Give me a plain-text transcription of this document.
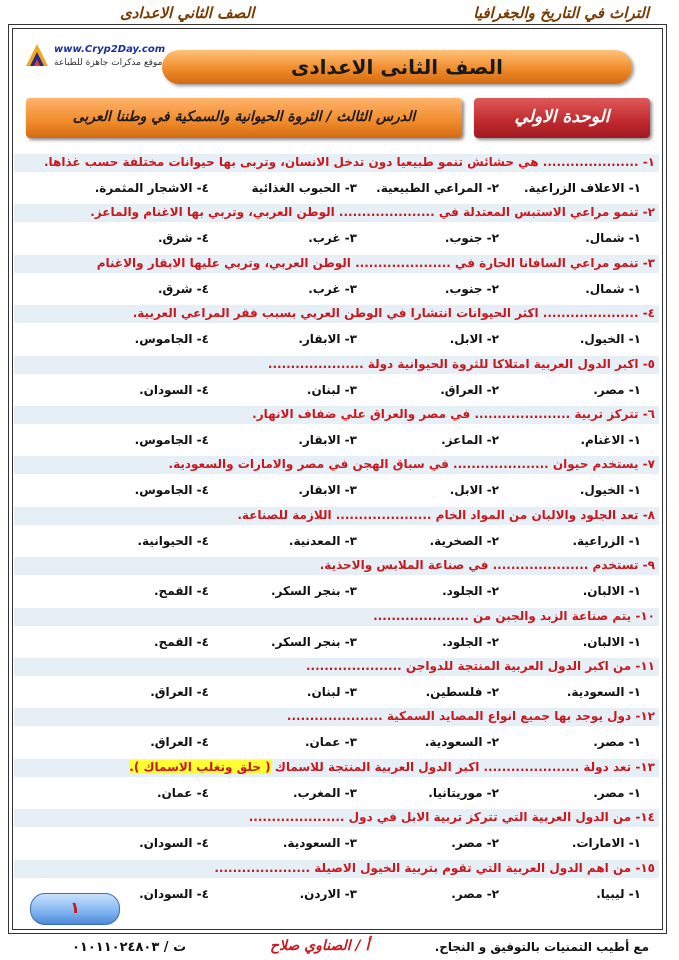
التراث في التاريخ والجغرافيا
الصف الثاني الاعدادى
www.Cryp2Day.com
موقع مذكرات جاهزة للطباعة	الصف الثانى الاعدادى
الوحدة الاولي
الدرس الثالث / الثروة الحيوانية والسمكية في وطننا العربى
١- ..................... هي حشائش تنمو طبيعيا دون تدخل الانسان، وتربى بها حيوانات مختلفة حسب غذاها.
١- الاعلاف الزراعية.
٢- المراعي الطبيعية.
٣- الحبوب الغذائية
٤- الاشجار المثمرة.
٢- تنمو مراعي الاستبس المعتدلة في ..................... الوطن العربي، وتربي بها الاغنام والماعز.
١- شمال.
٢- جنوب.
٣- غرب.
٤- شرق.
٣- تنمو مراعي السافانا الحارة في ..................... الوطن العربي، وتربي عليها الابقار والاغنام
١- شمال.
٢- جنوب.
٣- غرب.
٤- شرق.
٤- ..................... اكثر الحيوانات انتشارا في الوطن العربي بسبب فقر المراعي العربية.
١- الخيول.
٢- الابل.
٣- الابقار.
٤- الجاموس.
٥- اكبر الدول العربية امتلاكا للثروة الحيوانية دولة .....................
١- مصر.
٢- العراق.
٣- لبنان.
٤- السودان.
٦- تتركز تربية ..................... في مصر والعراق علي ضفاف الانهار.
١- الاغنام.
٢- الماعز.
٣- الابقار.
٤- الجاموس.
٧- يستخدم حيوان ..................... في سباق الهجن في مصر والامارات والسعودية.
١- الخيول.
٢- الابل.
٣- الابقار.
٤- الجاموس.
٨- تعد الجلود والالبان من المواد الخام ..................... اللازمة للصناعة.
١- الزراعية.
٢- الصخرية.
٣- المعدنية.
٤- الحيوانية.
٩- تستخدم ..................... في صناعة الملابس والاحذية.
١- الالبان.
٢- الجلود.
٣- بنجر السكر.
٤- القمح.
١٠- يتم صناعة الزبد والجبن من .....................
١- الالبان.
٢- الجلود.
٣- بنجر السكر.
٤- القمح.
١١- من اكبر الدول العربية المنتجة للدواجن .....................
١- السعودية.
٢- فلسطين.
٣- لبنان.
٤- العراق.
١٢- دول يوجد بها جميع انواع المصايد السمكية .....................
١- مصر.
٢- السعودية.
٣- عمان.
٤- العراق.
١٣- تعد دولة ..................... اكبر الدول العربية المنتجة للاسماك ( حلق وتغلب الاسماك ).
١- مصر.
٢- موريتانيا.
٣- المغرب.
٤- عمان.
١٤- من الدول العربية التي تتركز تربية الابل في دول .....................
١- الامارات.
٢- مصر.
٣- السعودية.
٤- السودان.
١٥- من اهم الدول العربية التي تقوم بتربية الخيول الاصيلة .....................
١- ليبيا.
٢- مصر.
٣- الاردن.
٤- السودان.
١
مع أطيب التمنيات بالتوفيق و النجاح.
أ / الصناوي صلاح
ت / ٠١٠١١٠٢٤٨٠٣
